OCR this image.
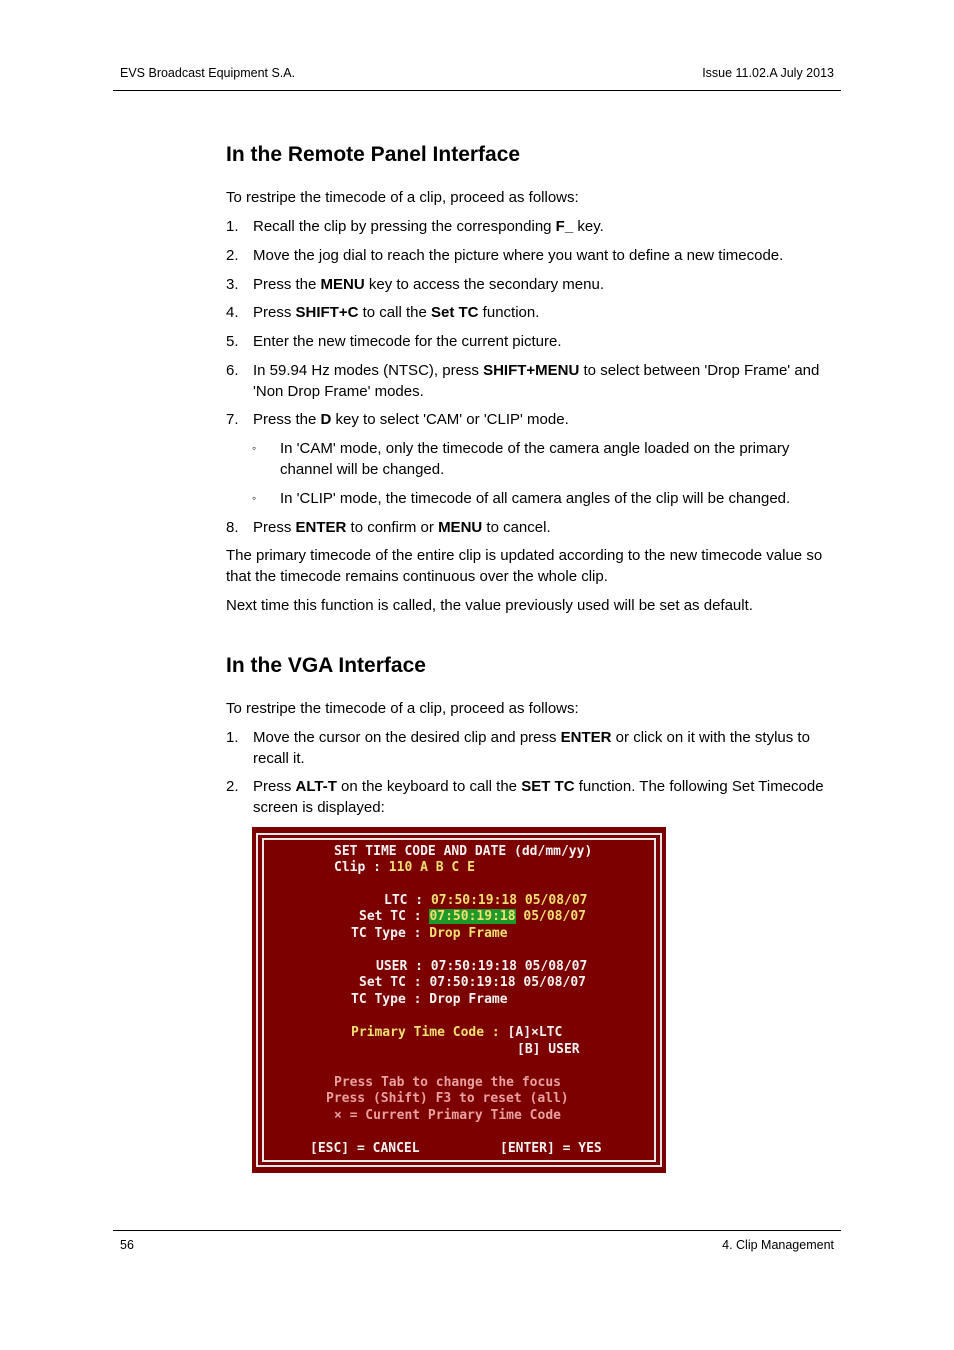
EVS Broadcast Equipment S.A.	Issue 11.02.A July 2013
In the Remote Panel Interface

To restripe the timecode of a clip, proceed as follows:

1. Recall the clip by pressing the corresponding F_ key.
2. Move the jog dial to reach the picture where you want to define a new timecode.
3. Press the MENU key to access the secondary menu.
4. Press SHIFT+C to call the Set TC function.
5. Enter the new timecode for the current picture.
6. In 59.94 Hz modes (NTSC), press SHIFT+MENU to select between 'Drop Frame' and 'Non Drop Frame' modes.
7. Press the D key to select 'CAM' or 'CLIP' mode.
◦ In 'CAM' mode, only the timecode of the camera angle loaded on the primary channel will be changed.
◦ In 'CLIP' mode, the timecode of all camera angles of the clip will be changed.
8. Press ENTER to confirm or MENU to cancel.

The primary timecode of the entire clip is updated according to the new timecode value so that the timecode remains continuous over the whole clip.

Next time this function is called, the value previously used will be set as default.

In the VGA Interface

To restripe the timecode of a clip, proceed as follows:

1. Move the cursor on the desired clip and press ENTER or click on it with the stylus to recall it.
2. Press ALT-T on the keyboard to call the SET TC function. The following Set Timecode screen is displayed:
SET TIME CODE AND DATE (dd/mm/yy)
Clip : 110 A B C E
LTC : 07:50:19:18 05/08/07
Set TC : 07:50:19:18 05/08/07
TC Type : Drop Frame
USER : 07:50:19:18 05/08/07
Set TC : 07:50:19:18 05/08/07
TC Type : Drop Frame
Primary Time Code : [A]×LTC
[B] USER
Press Tab to change the focus
Press (Shift) F3 to reset (all)
× = Current Primary Time Code
[ESC] = CANCEL	[ENTER] = YES
56	4. Clip Management
